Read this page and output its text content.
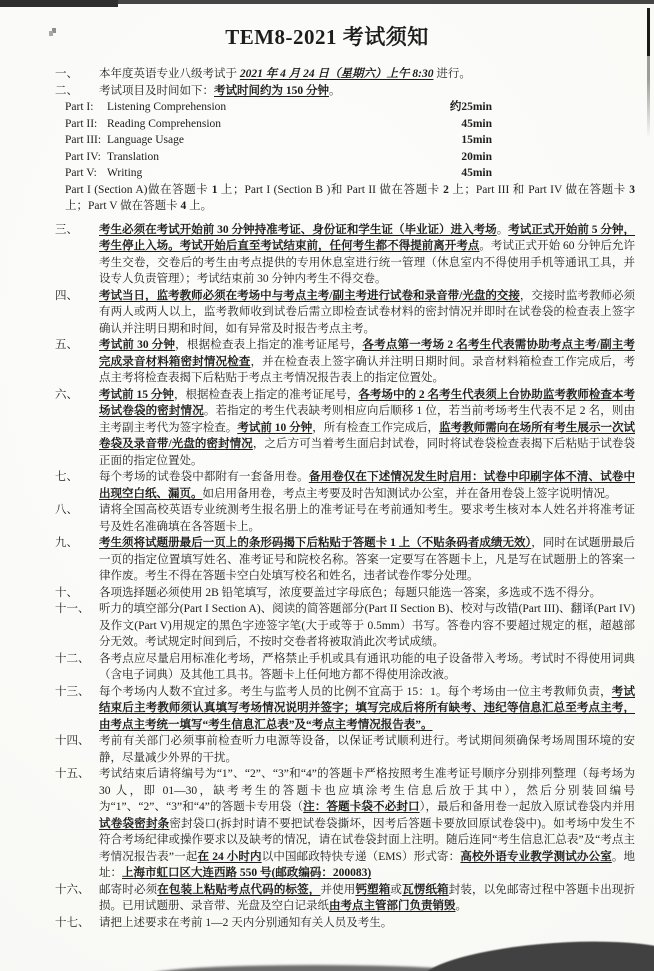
TEM8-2021 考试须知
一、	本年度英语专业八级考试于 2021 年 4 月 24 日（星期六）上午 8:30 进行。
二、	考试项目及时间如下：考试时间约为 150 分钟。
Part I:	Listening Comprehension	约25min
Part II: Reading Comprehension	45min
Part III: Language Usage	15min
Part IV: Translation	20min
Part V: Writing	45min
Part I (Section A)做在答题卡 1 上；Part I (Section B )和 Part II 做在答题卡 2 上；Part III 和 Part IV 做在答题卡 3 上；Part V 做在答题卡 4 上。
三、	考生必须在考试开始前 30 分钟持准考证、身份证和学生证（毕业证）进入考场。考试正式开始前 5 分钟，考生停止入场。考试开始后直至考试结束前，任何考生都不得提前离开考点。考试正式开始 60 分钟后允许考生交卷，交卷后的考生由考点提供的专用休息室进行统一管理（休息室内不得使用手机等通讯工具，并设专人负责管理）；考试结束前 30 分钟内考生不得交卷。
四、	考试当日，监考教师必须在考场中与考点主考/副主考进行试卷和录音带/光盘的交接，交接时监考教师必须有两人或两人以上，监考教师收到试卷后需立即检查试卷材料的密封情况并即时在试卷袋的检查表上签字确认并注明日期和时间，如有异常及时报告考点主考。
五、	考试前 30 分钟，根据检查表上指定的准考证尾号，各考点第一考场 2 名考生代表需协助考点主考/副主考完成录音材料箱密封情况检查，并在检查表上签字确认并注明日期时间。录音材料箱检查工作完成后，考点主考将检查表揭下后粘贴于考点主考情况报告表上的指定位置处。
六、	考试前 15 分钟，根据检查表上指定的准考证尾号，各考场中的 2 名考生代表须上台协助监考教师检查本考场试卷袋的密封情况。若指定的考生代表缺考则相应向后顺移 1 位，若当前考场考生代表不足 2 名，则由主考副主考代为签字检查。考试前 10 分钟，所有检查工作完成后，监考教师需向在场所有考生展示一次试卷袋及录音带/光盘的密封情况，之后方可当着考生面启封试卷，同时将试卷袋检查表揭下后粘贴于试卷袋正面的指定位置处。
七、	每个考场的试卷袋中都附有一套备用卷。备用卷仅在下述情况发生时启用：试卷中印刷字体不清、试卷中出现空白纸、漏页。如启用备用卷，考点主考要及时告知测试办公室，并在备用卷袋上签字说明情况。
八、	请将全国高校英语专业统测考生报名册上的准考证号在考前通知考生。要求考生核对本人姓名并将准考证号及姓名准确填在各答题卡上。
九、	考生须将试题册最后一页上的条形码揭下后粘贴于答题卡 1 上（不贴条码者成绩无效），同时在试题册最后一页的指定位置填写姓名、准考证号和院校名称。答案一定要写在答题卡上，凡是写在试题册上的答案一律作废。考生不得在答题卡空白处填写校名和姓名，违者试卷作零分处理。
十、	各项选择题必须使用 2B 铅笔填写，浓度要盖过字母底色；每题只能选一答案，多选或不选不得分。
十一、 听力的填空部分(Part I Section A)、阅读的简答题部分(Part II Section B)、校对与改错(Part III)、翻译(Part IV)及作文(Part V)用规定的黑色字迹签字笔(大于或等于 0.5mm）书写。答卷内容不要超过规定的框，超越部分无效。考试规定时间到后，不按时交卷者将被取消此次考试成绩。
十二、 各考点应尽量启用标准化考场，严格禁止手机或具有通讯功能的电子设备带入考场。考试时不得使用词典（含电子词典）及其他工具书。答题卡上任何地方都不得使用涂改液。
十三、 每个考场内人数不宜过多。考生与监考人员的比例不宜高于 15：1。每个考场由一位主考教师负责，考试结束后主考教师须认真填写考场情况说明并签字；填写完成后将所有缺考、违纪等信息汇总至考点主考，由考点主考统一填写“考生信息汇总表”及“考点主考情况报告表”。
十四、 考前有关部门必须事前检查听力电源等设备，以保证考试顺利进行。考试期间须确保考场周围环境的安静，尽量减少外界的干扰。
十五、 考试结束后请将编号为“1”、“2”、“3”和“4”的答题卡严格按照考生准考证号顺序分别排列整理（每考场为 30 人，即 01—30，缺考考生的答题卡也应填涂考生信息后放于其中），然后分别装回编号为“1”、“2”、“3”和“4”的答题卡专用袋（注：答题卡袋不必封口），最后和备用卷一起放入原试卷袋内并用试卷袋密封条密封袋口(拆封时请不要把试卷袋撕坏，因考后答题卡要放回原试卷袋中)。如考场中发生不符合考场纪律或操作要求以及缺考的情况，请在试卷袋封面上注明。随后连同“考生信息汇总表”及“考点主考情况报告表”一起在 24 小时内以中国邮政特快专递（EMS）形式寄：高校外语专业教学测试办公室。地址：上海市虹口区大连西路 550 号(邮政编码：200083)
十六、 邮寄时必须在包装上粘贴考点代码的标签，并使用钙塑箱或瓦愣纸箱封装，以免邮寄过程中答题卡出现折损。已用试题册、录音带、光盘及空白记录纸由考点主管部门负责销毁。
十七、 请把上述要求在考前 1—2 天内分别通知有关人员及考生。
